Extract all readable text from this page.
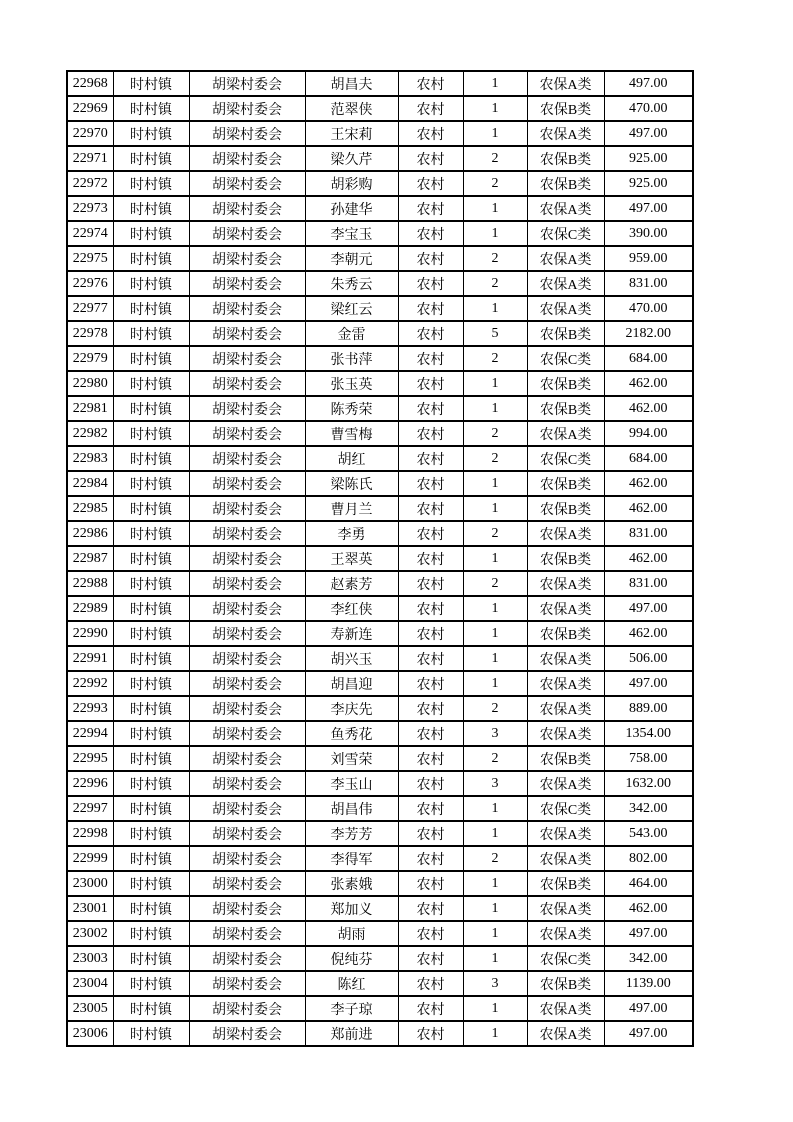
22968	时村镇	胡梁村委会	胡昌夫	农村	1	农保A类	497.00
22969	时村镇	胡梁村委会	范翠侠	农村	1	农保B类	470.00
22970	时村镇	胡梁村委会	王宋莉	农村	1	农保A类	497.00
22971	时村镇	胡梁村委会	梁久芹	农村	2	农保B类	925.00
22972	时村镇	胡梁村委会	胡彩购	农村	2	农保B类	925.00
22973	时村镇	胡梁村委会	孙建华	农村	1	农保A类	497.00
22974	时村镇	胡梁村委会	李宝玉	农村	1	农保C类	390.00
22975	时村镇	胡梁村委会	李朝元	农村	2	农保A类	959.00
22976	时村镇	胡梁村委会	朱秀云	农村	2	农保A类	831.00
22977	时村镇	胡梁村委会	梁红云	农村	1	农保A类	470.00
22978	时村镇	胡梁村委会	金雷	农村	5	农保B类	2182.00
22979	时村镇	胡梁村委会	张书萍	农村	2	农保C类	684.00
22980	时村镇	胡梁村委会	张玉英	农村	1	农保B类	462.00
22981	时村镇	胡梁村委会	陈秀荣	农村	1	农保B类	462.00
22982	时村镇	胡梁村委会	曹雪梅	农村	2	农保A类	994.00
22983	时村镇	胡梁村委会	胡红	农村	2	农保C类	684.00
22984	时村镇	胡梁村委会	梁陈氏	农村	1	农保B类	462.00
22985	时村镇	胡梁村委会	曹月兰	农村	1	农保B类	462.00
22986	时村镇	胡梁村委会	李勇	农村	2	农保A类	831.00
22987	时村镇	胡梁村委会	王翠英	农村	1	农保B类	462.00
22988	时村镇	胡梁村委会	赵素芳	农村	2	农保A类	831.00
22989	时村镇	胡梁村委会	李红侠	农村	1	农保A类	497.00
22990	时村镇	胡梁村委会	寿新连	农村	1	农保B类	462.00
22991	时村镇	胡梁村委会	胡兴玉	农村	1	农保A类	506.00
22992	时村镇	胡梁村委会	胡昌迎	农村	1	农保A类	497.00
22993	时村镇	胡梁村委会	李庆先	农村	2	农保A类	889.00
22994	时村镇	胡梁村委会	鱼秀花	农村	3	农保A类	1354.00
22995	时村镇	胡梁村委会	刘雪荣	农村	2	农保B类	758.00
22996	时村镇	胡梁村委会	李玉山	农村	3	农保A类	1632.00
22997	时村镇	胡梁村委会	胡昌伟	农村	1	农保C类	342.00
22998	时村镇	胡梁村委会	李芳芳	农村	1	农保A类	543.00
22999	时村镇	胡梁村委会	李得军	农村	2	农保A类	802.00
23000	时村镇	胡梁村委会	张素娥	农村	1	农保B类	464.00
23001	时村镇	胡梁村委会	郑加义	农村	1	农保A类	462.00
23002	时村镇	胡梁村委会	胡雨	农村	1	农保A类	497.00
23003	时村镇	胡梁村委会	倪纯芬	农村	1	农保C类	342.00
23004	时村镇	胡梁村委会	陈红	农村	3	农保B类	1139.00
23005	时村镇	胡梁村委会	李子琼	农村	1	农保A类	497.00
23006	时村镇	胡梁村委会	郑前进	农村	1	农保A类	497.00
